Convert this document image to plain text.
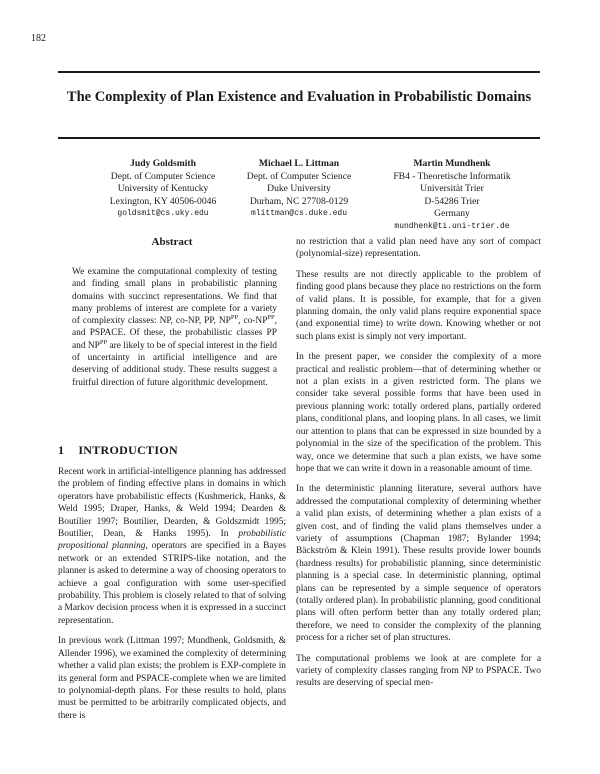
182
The Complexity of Plan Existence and Evaluation in Probabilistic Domains
Judy Goldsmith
Dept. of Computer Science
University of Kentucky
Lexington, KY 40506-0046
goldsmit@cs.uky.edu
Michael L. Littman
Dept. of Computer Science
Duke University
Durham, NC 27708-0129
mlittman@cs.duke.edu
Martin Mundhenk
FB4 - Theoretische Informatik
Universität Trier
D-54286 Trier
Germany
mundhenk@ti.uni-trier.de
Abstract
We examine the computational complexity of testing and finding small plans in probabilistic planning domains with succinct representations. We find that many problems of interest are complete for a variety of complexity classes: NP, co-NP, PP, $NP^{PP}$, $co-NP^{PP}$, and PSPACE. Of these, the probabilistic classes PP and $NP^{PP}$ are likely to be of special interest in the field of uncertainty in artificial intelligence and are deserving of additional study. These results suggest a fruitful direction of future algorithmic development.
1 INTRODUCTION

Recent work in artificial-intelligence planning has addressed the problem of finding effective plans in domains in which operators have probabilistic effects (Kushmerick, Hanks, & Weld 1995; Draper, Hanks, & Weld 1994; Dearden & Boutilier 1997; Boutilier, Dearden, & Goldszmidt 1995; Boutilier, Dean, & Hanks 1995). In probabilistic propositional planning, operators are specified in a Bayes network or an extended STRIPS-like notation, and the planner is asked to determine a way of choosing operators to achieve a goal configuration with some user-specified probability. This problem is closely related to that of solving a Markov decision process when it is expressed in a succinct representation.

In previous work (Littman 1997; Mundhenk, Goldsmith, & Allender 1996), we examined the complexity of determining whether a valid plan exists; the problem is EXP-complete in its general form and PSPACE-complete when we are limited to polynomial-depth plans. For these results to hold, plans must be permitted to be arbitrarily complicated objects, and there is

no restriction that a valid plan need have any sort of compact (polynomial-size) representation.

These results are not directly applicable to the problem of finding good plans because they place no restrictions on the form of valid plans. It is possible, for example, that for a given planning domain, the only valid plans require exponential space (and exponential time) to write down. Knowing whether or not such plans exist is simply not very important.

In the present paper, we consider the complexity of a more practical and realistic problem—that of determining whether or not a plan exists in a given restricted form. The plans we consider take several possible forms that have been used in previous planning work: totally ordered plans, partially ordered plans, conditional plans, and looping plans. In all cases, we limit our attention to plans that can be expressed in size bounded by a polynomial in the size of the specification of the problem. This way, once we determine that such a plan exists, we have some hope that we can write it down in a reasonable amount of time.

In the deterministic planning literature, several authors have addressed the computational complexity of determining whether a valid plan exists, of determining whether a plan exists of a given cost, and of finding the valid plans themselves under a variety of assumptions (Chapman 1987; Bylander 1994; Bäckström & Klein 1991). These results provide lower bounds (hardness results) for probabilistic planning, since deterministic planning is a special case. In deterministic planning, optimal plans can be represented by a simple sequence of operators (totally ordered plan). In probabilistic planning, good conditional plans will often perform better than any totally ordered plan; therefore, we need to consider the complexity of the planning process for a richer set of plan structures.

The computational problems we look at are complete for a variety of complexity classes ranging from NP to PSPACE. Two results are deserving of special men-
